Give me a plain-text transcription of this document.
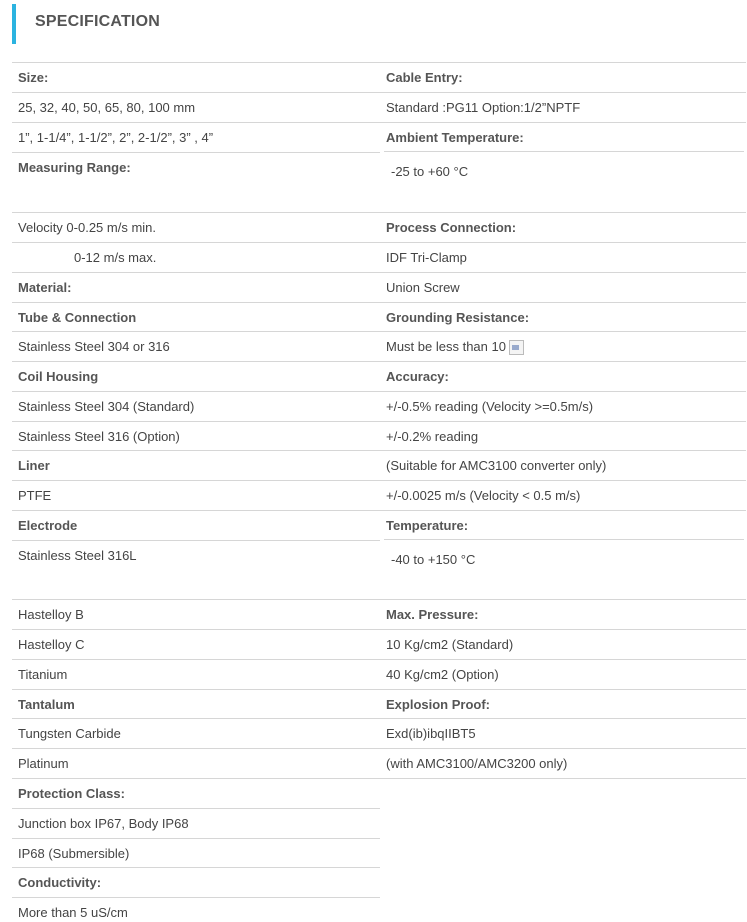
SPECIFICATION
Size:
25, 32, 40, 50, 65, 80, 100 mm
1”, 1-1/4”, 1-1/2”, 2”, 2-1/2”, 3” , 4”
Measuring Range:
Velocity 0-0.25 m/s min.
0-12 m/s max.
Material:
Tube & Connection
Stainless Steel 304 or 316
Coil Housing
Stainless Steel 304 (Standard)
Stainless Steel 316 (Option)
Liner
PTFE
Electrode
Stainless Steel 316L
Hastelloy B
Hastelloy C
Titanium
Tantalum
Tungsten Carbide
Platinum
Protection Class:
Junction box IP67, Body IP68
IP68 (Submersible)
Conductivity:
More than 5 uS/cm
Cable Entry:
Standard :PG11 Option:1/2”NPTF
Ambient Temperature:
-25 to +60 °C
Process Connection:
IDF Tri-Clamp
Union Screw
Grounding Resistance:
Must be less than 10
Accuracy:
+/-0.5% reading (Velocity >=0.5m/s)
+/-0.2% reading
(Suitable for AMC3100 converter only)
+/-0.0025 m/s (Velocity < 0.5 m/s)
Temperature:
-40 to +150 °C
Max. Pressure:
10 Kg/cm2 (Standard)
40 Kg/cm2 (Option)
Explosion Proof:
Exd(ib)ibqIIBT5
(with AMC3100/AMC3200 only)
